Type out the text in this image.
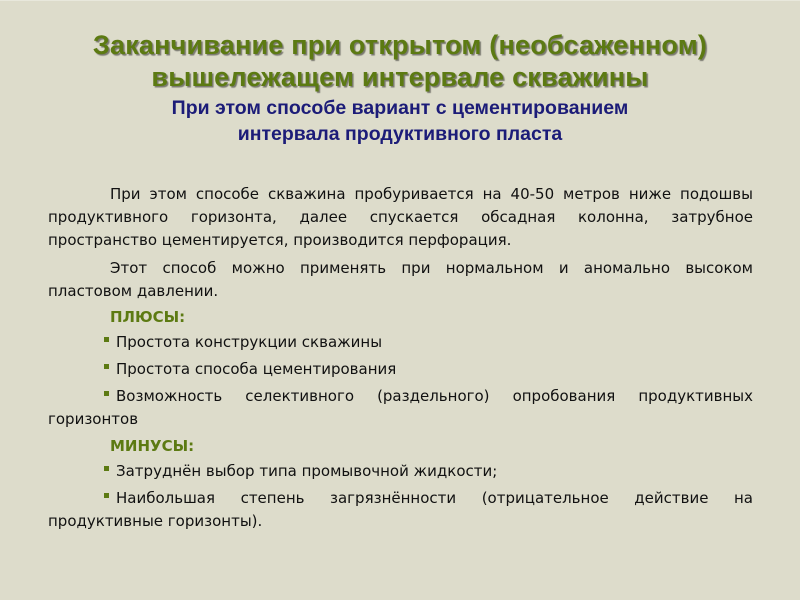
Заканчивание при открытом (необсаженном)
вышележащем интервале скважины
При этом способе вариант с цементированием
интервала продуктивного пласта

При этом способе скважина пробуривается на 40-50 метров ниже подошвы продуктивного горизонта, далее спускается обсадная колонна, затрубное пространство цементируется, производится перфорация.

Этот способ можно применять при нормальном и аномально высоком пластовом давлении.

ПЛЮСЫ:
Простота конструкции скважины
Простота способа цементирования
Возможность селективного (раздельного) опробования продуктивных горизонтов
МИНУСЫ:
Затруднён выбор типа промывочной жидкости;
Наибольшая степень загрязнённости (отрицательное действие на продуктивные горизонты).
